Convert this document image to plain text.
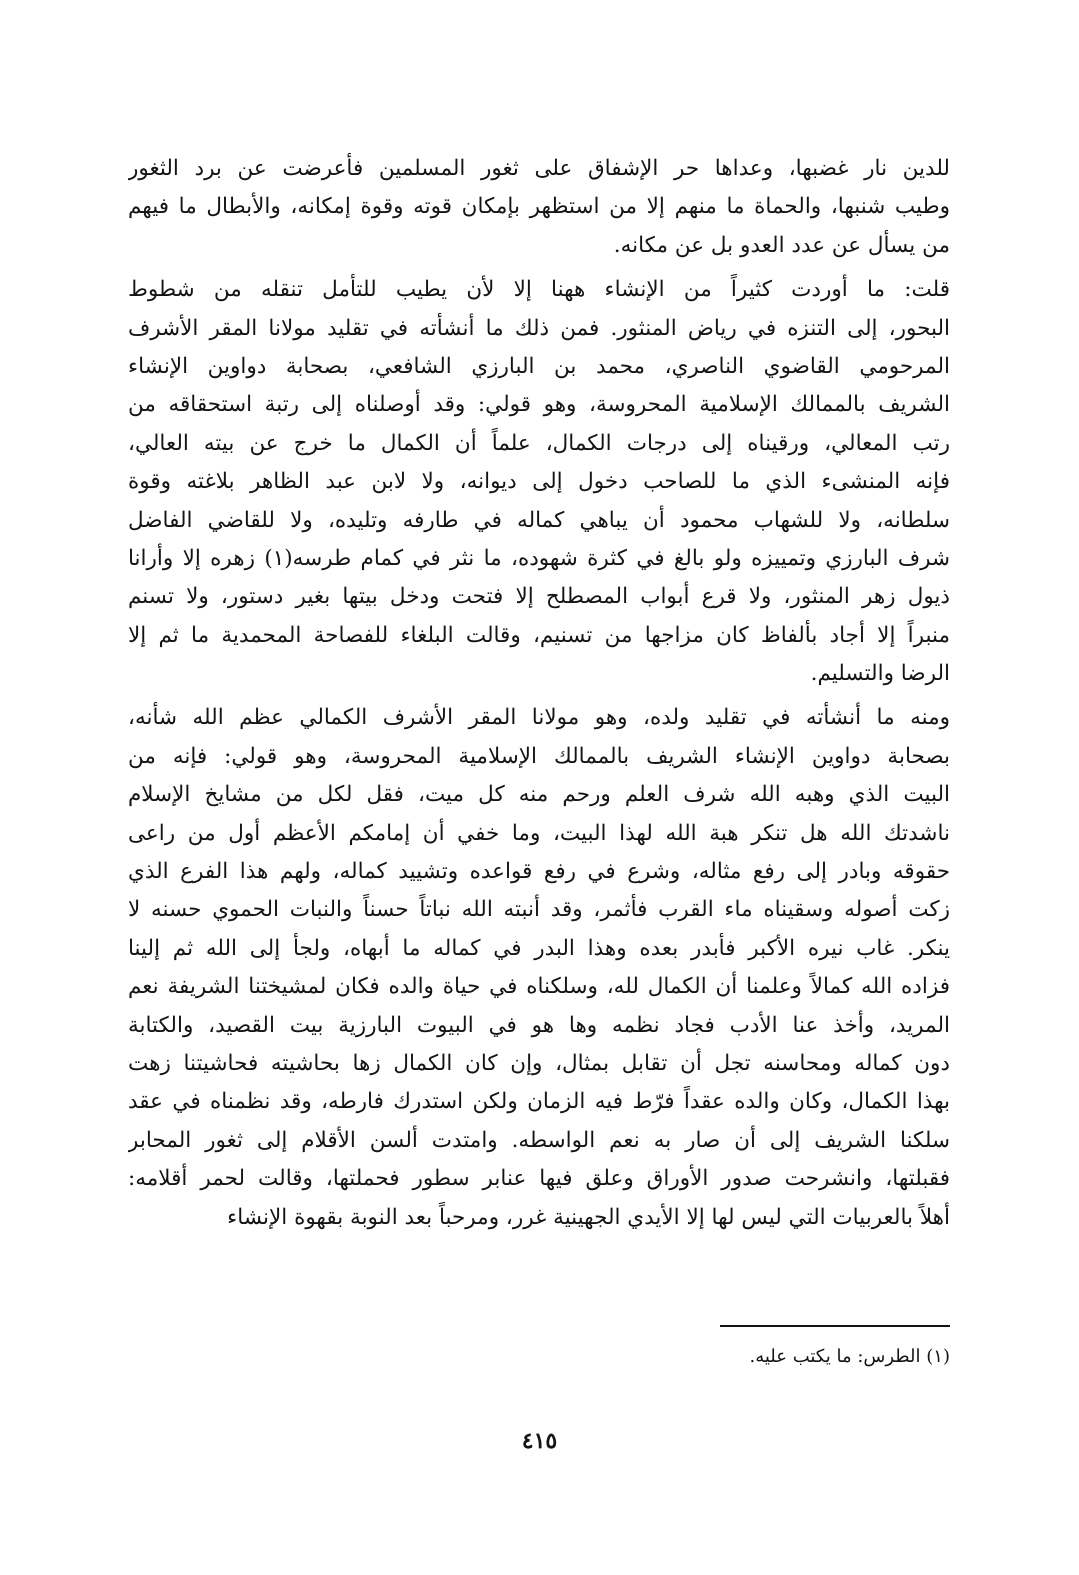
للدين نار غضبها، وعداها حر الإشفاق على ثغور المسلمين فأعرضت عن برد الثغور
وطيب شنبها، والحماة ما منهم إلا من استظهر بإمكان قوته وقوة إمكانه، والأبطال ما فيهم
من يسأل عن عدد العدو بل عن مكانه.
قلت: ما أوردت كثيراً من الإنشاء ههنا إلا لأن يطيب للتأمل تنقله من شطوط
البحور، إلى التنزه في رياض المنثور. فمن ذلك ما أنشأته في تقليد مولانا المقر الأشرف
المرحومي القاضوي الناصري، محمد بن البارزي الشافعي، بصحابة دواوين الإنشاء
الشريف بالممالك الإسلامية المحروسة، وهو قولي: وقد أوصلناه إلى رتبة استحقاقه من
رتب المعالي، ورقيناه إلى درجات الكمال، علماً أن الكمال ما خرج عن بيته العالي،
فإنه المنشىء الذي ما للصاحب دخول إلى ديوانه، ولا لابن عبد الظاهر بلاغته وقوة
سلطانه، ولا للشهاب محمود أن يباهي كماله في طارفه وتليده، ولا للقاضي الفاضل
شرف البارزي وتمييزه ولو بالغ في كثرة شهوده، ما نثر في كمام طرسه(١) زهره إلا وأرانا
ذيول زهر المنثور، ولا قرع أبواب المصطلح إلا فتحت ودخل بيتها بغير دستور، ولا تسنم
منبراً إلا أجاد بألفاظ كان مزاجها من تسنيم، وقالت البلغاء للفصاحة المحمدية ما ثم إلا
الرضا والتسليم.
ومنه ما أنشأته في تقليد ولده، وهو مولانا المقر الأشرف الكمالي عظم الله شأنه،
بصحابة دواوين الإنشاء الشريف بالممالك الإسلامية المحروسة، وهو قولي: فإنه من
البيت الذي وهبه الله شرف العلم ورحم منه كل ميت، فقل لكل من مشايخ الإسلام
ناشدتك الله هل تنكر هبة الله لهذا البيت، وما خفي أن إمامكم الأعظم أول من راعى
حقوقه وبادر إلى رفع مثاله، وشرع في رفع قواعده وتشييد كماله، ولهم هذا الفرع الذي
زكت أصوله وسقيناه ماء القرب فأثمر، وقد أنبته الله نباتاً حسناً والنبات الحموي حسنه لا
ينكر. غاب نيره الأكبر فأبدر بعده وهذا البدر في كماله ما أبهاه، ولجأ إلى الله ثم إلينا
فزاده الله كمالاً وعلمنا أن الكمال لله، وسلكناه في حياة والده فكان لمشيختنا الشريفة نعم
المريد، وأخذ عنا الأدب فجاد نظمه وها هو في البيوت البارزية بيت القصيد، والكتابة
دون كماله ومحاسنه تجل أن تقابل بمثال، وإن كان الكمال زها بحاشيته فحاشيتنا زهت
بهذا الكمال، وكان والده عقداً فرّط فيه الزمان ولكن استدرك فارطه، وقد نظمناه في عقد
سلكنا الشريف إلى أن صار به نعم الواسطه. وامتدت ألسن الأقلام إلى ثغور المحابر
فقبلتها، وانشرحت صدور الأوراق وعلق فيها عنابر سطور فحملتها، وقالت لحمر أقلامه:
أهلاً بالعربيات التي ليس لها إلا الأيدي الجهينية غرر، ومرحباً بعد النوبة بقهوة الإنشاء
(١) الطرس: ما يكتب عليه.
٤١٥
